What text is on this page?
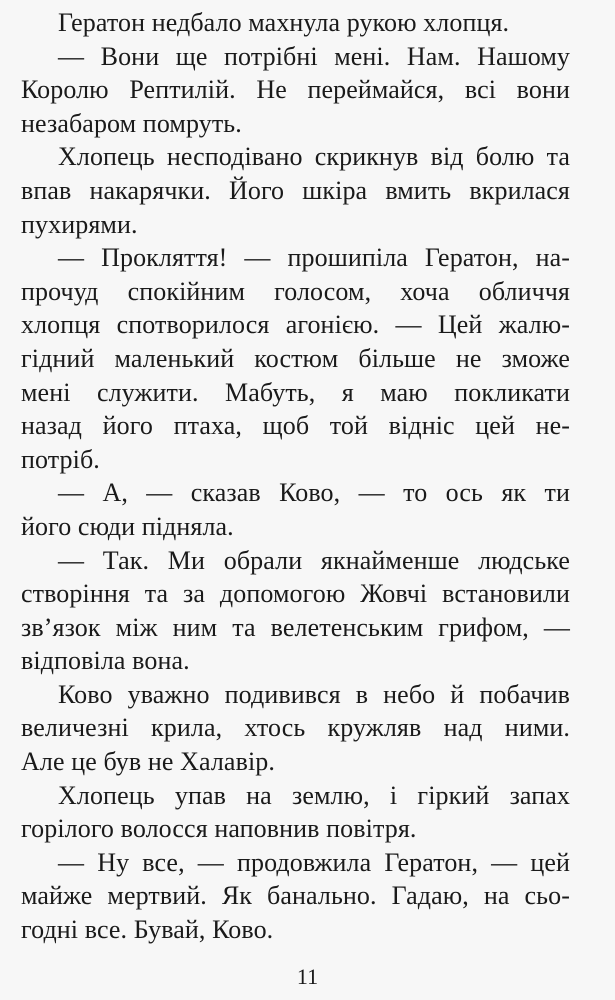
Гератон недбало махнула рукою хлопця.
— Вони ще потрібні мені. Нам. Нашому
Королю Рептилій. Не переймайся, всі вони
незабаром помруть.
Хлопець несподівано скрикнув від болю та
впав накарячки. Його шкіра вмить вкрилася
пухирями.
— Прокляття! — прошипіла Гератон, на-
прочуд спокійним голосом, хоча обличчя
хлопця спотворилося агонією. — Цей жалю-
гідний маленький костюм більше не зможе
мені служити. Мабуть, я маю покликати
назад його птаха, щоб той відніс цей не-
потріб.
— А, — сказав Ково, — то ось як ти
його сюди підняла.
— Так. Ми обрали якнайменше людське
створіння та за допомогою Жовчі встановили
зв’язок між ним та велетенським грифом, —
відповіла вона.
Ково уважно подивився в небо й побачив
величезні крила, хтось кружляв над ними.
Але це був не Халавір.
Хлопець упав на землю, і гіркий запах
горілого волосся наповнив повітря.
— Ну все, — продовжила Гератон, — цей
майже мертвий. Як банально. Гадаю, на сьо-
годні все. Бувай, Ково.
11
